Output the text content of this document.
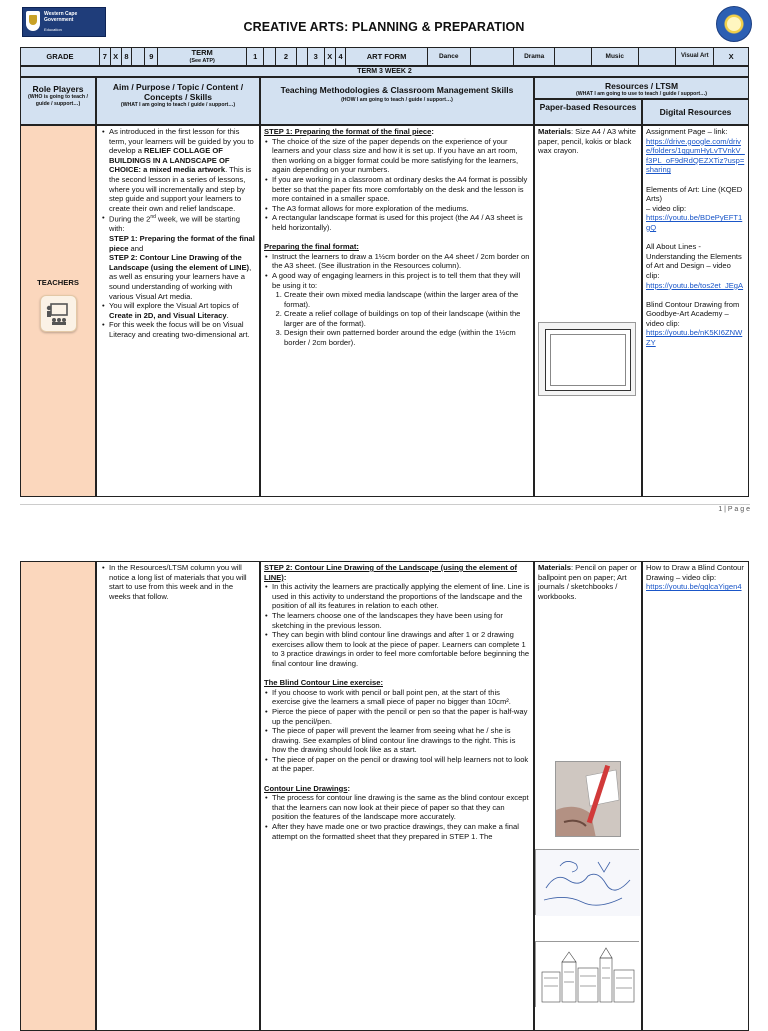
Western Cape
Government
Education	CREATIVE ARTS: PLANNING & PREPARATION
GRADE	7	X	8		9	TERM
(See ATP)	1		2		3	X	4	ART FORM	Dance		Drama		Music		Visual Art	X
TERM 3 WEEK 2
Role Players
(WHO is going to teach / guide / support…)
Aim / Purpose / Topic / Content / Concepts / Skills
(WHAT I am going to teach / guide / support…)
Teaching Methodologies & Classroom Management Skills
(HOW I am going to teach / guide / support…)
Resources / LTSM
(WHAT I am going to use to teach / guide / support…)
Paper-based Resources	Digital Resources
TEACHERS
• As introduced in the first lesson for this term, your learners will be guided by you to develop a RELIEF COLLAGE OF BUILDINGS IN A LANDSCAPE OF CHOICE: a mixed media artwork. This is the second lesson in a series of lessons, where you will incrementally and step by step guide and support your learners to create their own and relief landscape.
• During the 2nd week, we will be starting with:
STEP 1: Preparing the format of the final piece and
STEP 2: Contour Line Drawing of the Landscape (using the element of LINE), as well as ensuring your learners have a sound understanding of working with various Visual Art media.
• You will explore the Visual Art topics of Create in 2D, and Visual Literacy.
• For this week the focus will be on Visual Literacy and creating two-dimensional art.
STEP 1: Preparing the format of the final piece:
• The choice of the size of the paper depends on the experience of your learners and your class size and how it is set up. If you have an art room, then working on a bigger format could be more satisfying for the learners, again depending on your numbers.
• If you are working in a classroom at ordinary desks the A4 format is possibly better so that the paper fits more comfortably on the desk and the lesson is more contained in a smaller space.
• The A3 format allows for more exploration of the mediums.
• A rectangular landscape format is used for this project (the A4 / A3 sheet is held horizontally).
Preparing the final format:
• Instruct the learners to draw a 1½cm border on the A4 sheet / 2cm border on the A3 sheet. (See illustration in the Resources column).
• A good way of engaging learners in this project is to tell them that they will be using it to:
1. Create their own mixed media landscape (within the larger area of the format).
2. Create a relief collage of buildings on top of their landscape (within the larger are of the format).
3. Design their own patterned border around the edge (within the 1½cm border / 2cm border).
Materials: Size A4 / A3 white paper, pencil, kokis or black wax crayon.
Assignment Page – link:
https://drive.google.com/drive/folders/1qgumHyLvTVnkV_f3PL_oF9dRdQEZXTiz?usp=sharing
Elements of Art: Line (KQED Arts)
– video clip:
https://youtu.be/BDePyEFT1gQ
All About Lines - Understanding the Elements of Art and Design – video clip:
https://youtu.be/tos2et_JEgA
Blind Contour Drawing from Goodbye-Art Academy – video clip:
https://youtu.be/nK5KI6ZNWZY
1 | P a g e
• In the Resources/LTSM column you will notice a long list of materials that you will start to use from this week and in the weeks that follow.
STEP 2: Contour Line Drawing of the Landscape (using the element of LINE):
• In this activity the learners are practically applying the element of line. Line is used in this activity to understand the proportions of the landscape and the position of all its features in relation to each other.
• The learners choose one of the landscapes they have been using for sketching in the previous lesson.
• They can begin with blind contour line drawings and after 1 or 2 drawing exercises allow them to look at the piece of paper. Learners can complete 1 to 3 practice drawings in order to feel more comfortable before beginning the final contour line drawing.
The Blind Contour Line exercise:
• If you choose to work with pencil or ball point pen, at the start of this exercise give the learners a small piece of paper no bigger than 10cm².
• Pierce the piece of paper with the pencil or pen so that the paper is half-way up the pencil/pen.
• The piece of paper will prevent the learner from seeing what he / she is drawing. See examples of blind contour line drawings to the right. This is how the drawing should look like as a start.
• The piece of paper on the pencil or drawing tool will help learners not to look at the paper.
Contour Line Drawings:
• The process for contour line drawing is the same as the blind contour except that the learners can now look at their piece of paper so that they can position the features of the landscape more accurately.
• After they have made one or two practice drawings, they can make a final attempt on the formatted sheet that they prepared in STEP 1. The
Materials: Pencil on paper or ballpoint pen on paper; Art journals / sketchbooks / workbooks.
How to Draw a Blind Contour Drawing – video clip:
https://youtu.be/qqlcaYigen4
